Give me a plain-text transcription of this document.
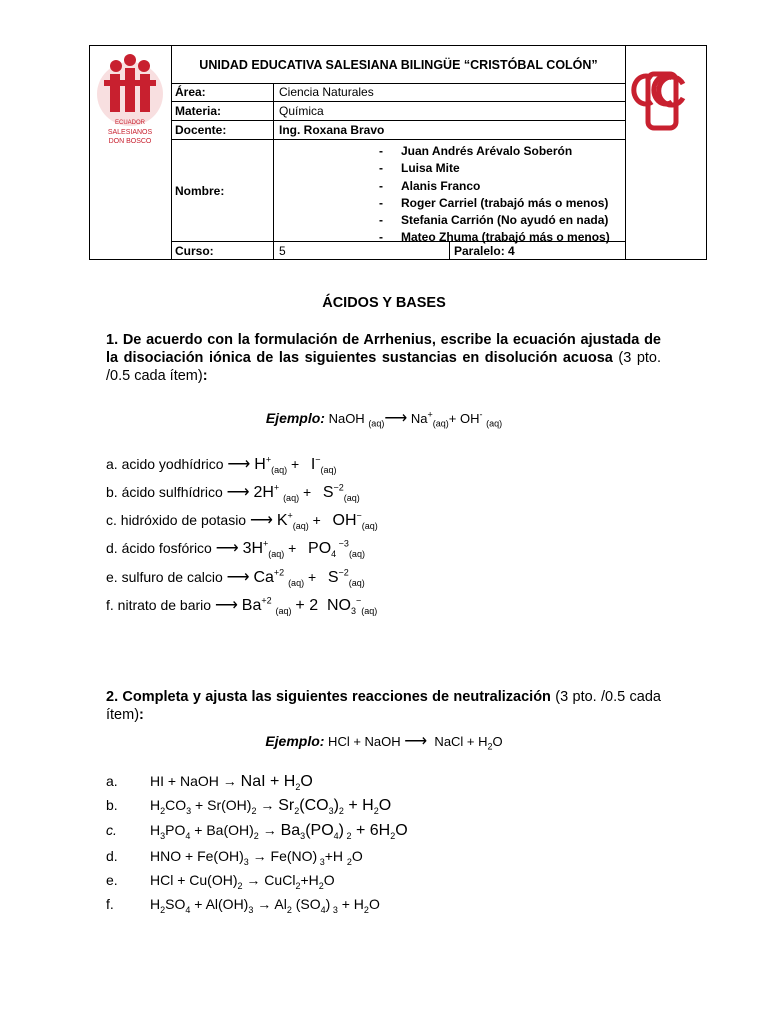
ECUADOR
SALESIANOS
DON BOSCO
UNIDAD EDUCATIVA SALESIANA BILINGÜE “CRISTÓBAL COLÓN”
Área:	Ciencia Naturales
Materia:	Química
Docente:	Ing. Roxana Bravo
Nombre:
- Juan Andrés Arévalo Soberón
- Luisa Mite
- Alanis Franco
- Roger Carriel (trabajó más o menos)
- Stefania Carrión (No ayudó en nada)
- Mateo Zhuma (trabajó más o menos)
Curso:	5	Paralelo: 4
ÁCIDOS Y BASES
1. De acuerdo con la formulación de Arrhenius, escribe la ecuación ajustada de la disociación iónica de las siguientes sustancias en disolución acuosa (3 pto. /0.5 cada ítem):
Ejemplo: NaOH $_{(aq)}$⟶ $Na^+_{(aq)}+ OH^-$ $_{(aq)}$
a. acido yodhídrico ⟶ $H^+_{(aq)} + I^-_{(aq)}$
b. ácido sulfhídrico ⟶ 2H+ $_{(aq)} + S^{-2}_{(aq)}$
c. hidróxido de potasio ⟶ $K^+_{(aq)} + OH^-_{(aq)}$
d. ácido fosfórico ⟶ $3H^+_{(aq)} + PO_4$ $^{-3}_{(aq)}$
e. sulfuro de calcio ⟶ $Ca^{+2}$ $_{(aq)} + S^{-2}_{(aq)}$
f. nitrato de bario ⟶ $Ba^{+2}$ $_{(aq)}$ + 2  $NO_3^-_{(aq)}$
2. Completa y ajusta las siguientes reacciones de neutralización (3 pto. /0.5 cada ítem):
Ejemplo: HCl + NaOH ⟶  NaCl + $H_2O$
a. HI + NaOH → NaI + $H_2O$
b. $H_2CO_3 + Sr(OH)_2 \to Sr_2(CO_3)_2 + H_2O$
c. $H_3PO_4 + Ba(OH)_2 \to Ba_3(PO_4) _2 + 6H_2O$
d. HNO + $Fe(OH)_3 \to Fe(NO)$ $_3$+H $_2$O
e. HCl + $Cu(OH)_2$ → $CuCl_2+H_2O$
f.	$H_2SO_4 + Al(OH)_3 \to Al_2$ $(SO_4) _3 + H_2O$
